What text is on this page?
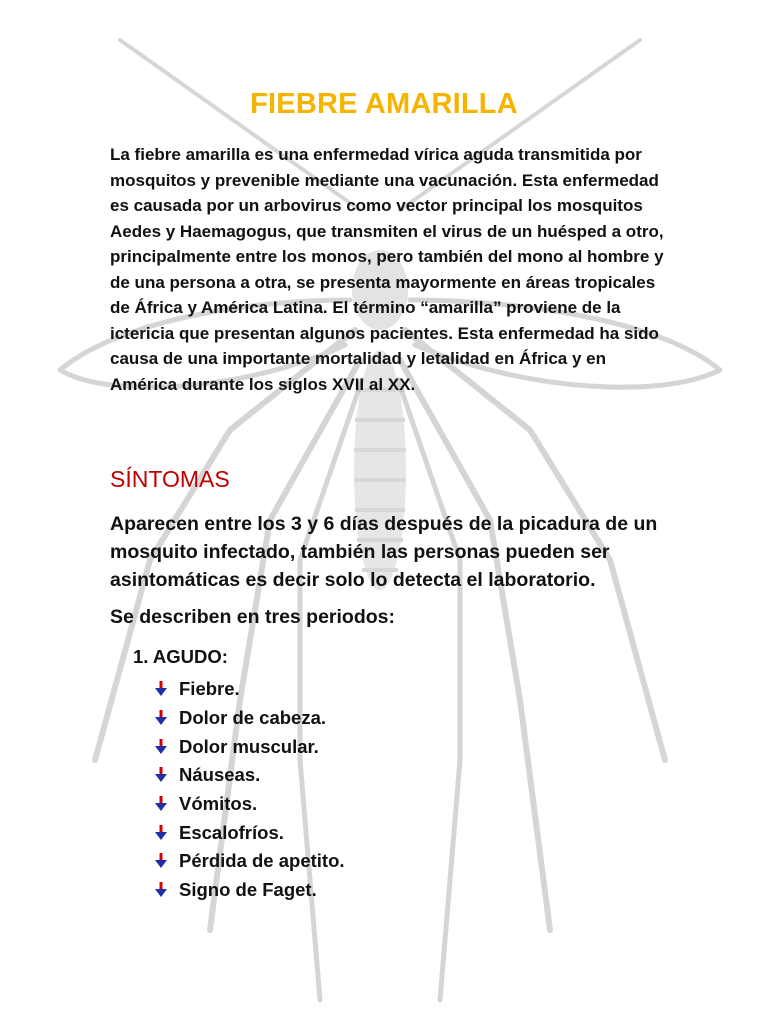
FIEBRE AMARILLA
La fiebre amarilla es una enfermedad vírica aguda transmitida por mosquitos y prevenible mediante una vacunación. Esta enfermedad es causada por un arbovirus como vector principal los mosquitos Aedes y Haemagogus, que transmiten el virus de un huésped a otro, principalmente entre los monos, pero también del mono al hombre y de una persona a otra, se presenta mayormente en áreas tropicales de África y América Latina. El término “amarilla” proviene de la ictericia que presentan algunos pacientes. Esta enfermedad ha sido causa de una importante mortalidad y letalidad en África y en América durante los siglos XVII al XX.
SÍNTOMAS
Aparecen entre los 3 y 6 días después de la picadura de un mosquito infectado, también las personas pueden ser asintomáticas es decir solo lo detecta el laboratorio.
Se describen en tres periodos:
1. AGUDO:
Fiebre.
Dolor de cabeza.
Dolor muscular.
Náuseas.
Vómitos.
Escalofríos.
Pérdida de apetito.
Signo de Faget.
